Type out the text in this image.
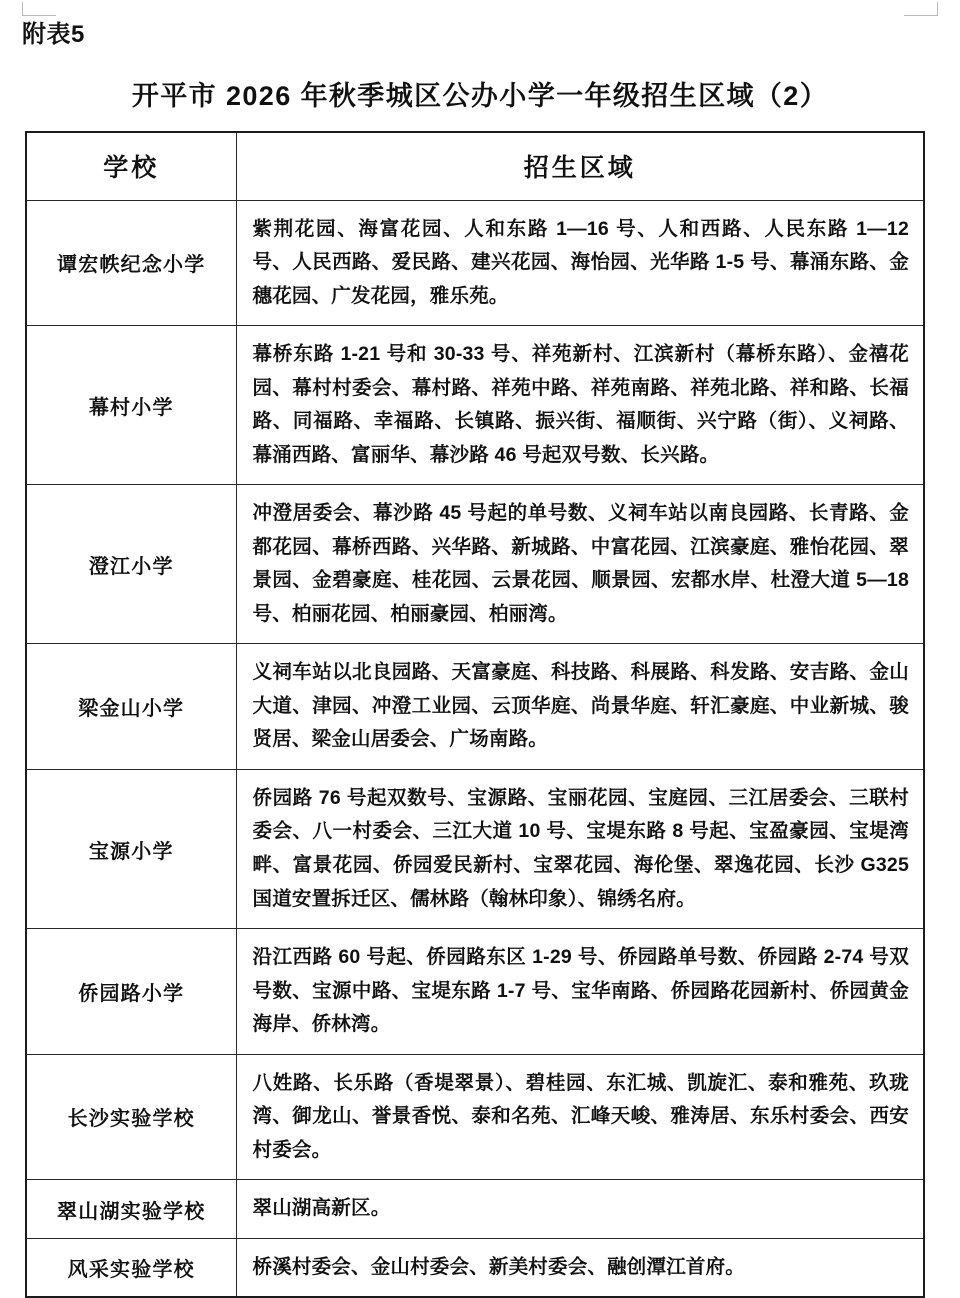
附表5
开平市 2026 年秋季城区公办小学一年级招生区域（2）
学校	招生区域
谭宏帙纪念小学	紫荆花园、海富花园、人和东路 1—16 号、人和西路、人民东路 1—12 号、人民西路、爱民路、建兴花园、海怡园、光华路 1-5 号、幕涌东路、金穗花园、广发花园，雅乐苑。
幕村小学	幕桥东路 1-21 号和 30-33 号、祥苑新村、江滨新村（幕桥东路）、金禧花园、幕村村委会、幕村路、祥苑中路、祥苑南路、祥苑北路、祥和路、长福路、同福路、幸福路、长镇路、振兴街、福顺街、兴宁路（街）、义祠路、幕涌西路、富丽华、幕沙路 46 号起双号数、长兴路。
澄江小学	冲澄居委会、幕沙路 45 号起的单号数、义祠车站以南良园路、长青路、金都花园、幕桥西路、兴华路、新城路、中富花园、江滨豪庭、雅怡花园、翠景园、金碧豪庭、桂花园、云景花园、顺景园、宏都水岸、杜澄大道 5—18 号、柏丽花园、柏丽豪园、柏丽湾。
梁金山小学	义祠车站以北良园路、天富豪庭、科技路、科展路、科发路、安吉路、金山大道、津园、冲澄工业园、云顶华庭、尚景华庭、轩汇豪庭、中业新城、骏贤居、梁金山居委会、广场南路。
宝源小学	侨园路 76 号起双数号、宝源路、宝丽花园、宝庭园、三江居委会、三联村委会、八一村委会、三江大道 10 号、宝堤东路 8 号起、宝盈豪园、宝堤湾畔、富景花园、侨园爱民新村、宝翠花园、海伦堡、翠逸花园、长沙 G325 国道安置拆迁区、儒林路（翰林印象）、锦绣名府。
侨园路小学	沿江西路 60 号起、侨园路东区 1-29 号、侨园路单号数、侨园路 2-74 号双号数、宝源中路、宝堤东路 1-7 号、宝华南路、侨园路花园新村、侨园黄金海岸、侨林湾。
长沙实验学校	八姓路、长乐路（香堤翠景）、碧桂园、东汇城、凯旋汇、泰和雅苑、玖珑湾、御龙山、誉景香悦、泰和名苑、汇峰天峻、雅涛居、东乐村委会、西安村委会。
翠山湖实验学校	翠山湖高新区。
风采实验学校	桥溪村委会、金山村委会、新美村委会、融创潭江首府。
